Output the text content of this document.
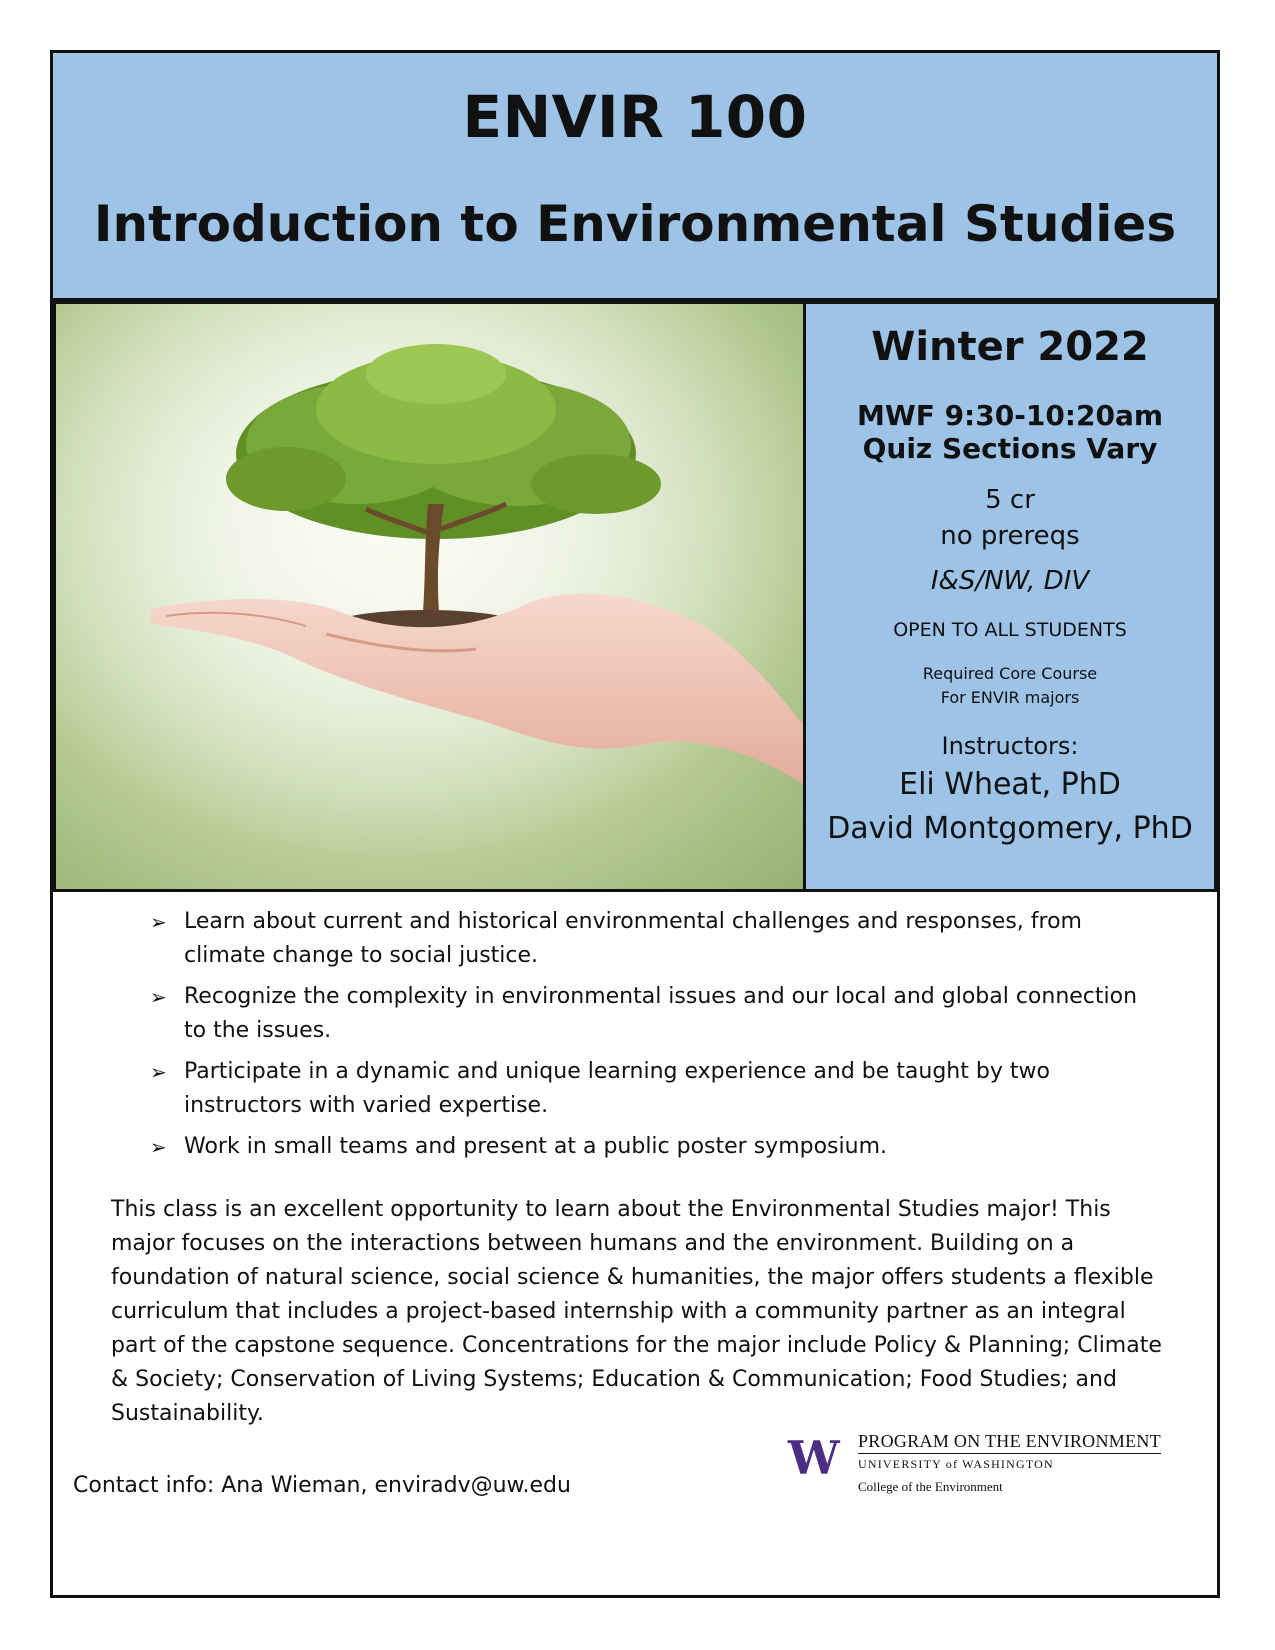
ENVIR 100
Introduction to Environmental Studies
Winter 2022
MWF 9:30-10:20am
Quiz Sections Vary
5 cr
no prereqs
I&S/NW, DIV
OPEN TO ALL STUDENTS
Required Core Course
For ENVIR majors
Instructors:
Eli Wheat, PhD
David Montgomery, PhD
➢ Learn about current and historical environmental challenges and responses, from climate change to social justice.
➢ Recognize the complexity in environmental issues and our local and global connection to the issues.
➢ Participate in a dynamic and unique learning experience and be taught by two instructors with varied expertise.
➢ Work in small teams and present at a public poster symposium.

This class is an excellent opportunity to learn about the Environmental Studies major! This major focuses on the interactions between humans and the environment. Building on a foundation of natural science, social science & humanities, the major offers students a flexible curriculum that includes a project-based internship with a community partner as an integral part of the capstone sequence. Concentrations for the major include Policy & Planning; Climate & Society; Conservation of Living Systems; Education & Communication; Food Studies; and Sustainability.

Contact info: Ana Wieman, enviradv@uw.edu
W PROGRAM ON THE ENVIRONMENT
UNIVERSITY of WASHINGTON
College of the Environment
